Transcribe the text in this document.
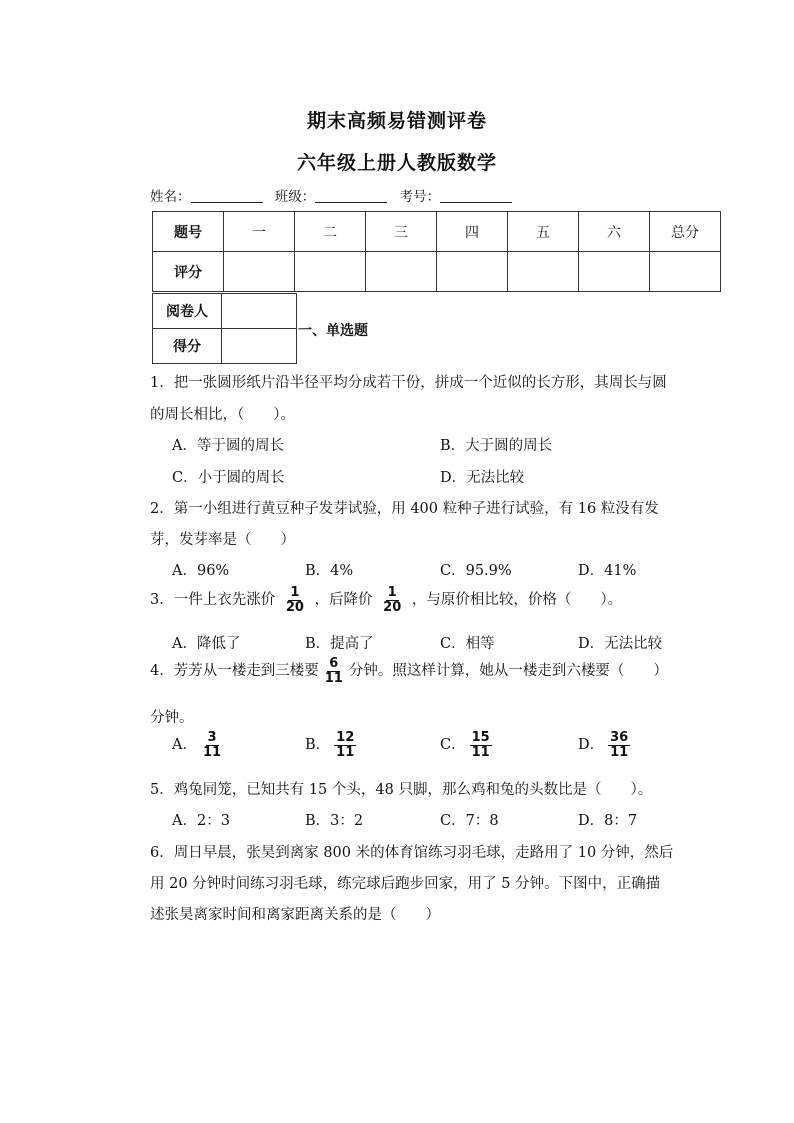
期末高频易错测评卷
六年级上册人教版数学
姓名：	班级：	考号：
题号	一	二	三	四	五	六	总分
评分							
阅卷人	
得分	
一、单选题
1．把一张圆形纸片沿半径平均分成若干份，拼成一个近似的长方形，其周长与圆
的周长相比，（　　）。
A．等于圆的周长	B．大于圆的周长
C．小于圆的周长	D．无法比较
2．第一小组进行黄豆种子发芽试验，用 400 粒种子进行试验，有 16 粒没有发
芽，发芽率是（　　）
A．96%	B．4%	C．95.9%	D．41%
3．一件上衣先涨价 $\frac{1}{20}$ ，后降价 $\frac{1}{20}$ ，与原价相比较，价格（　　）。
A．降低了	B．提高了	C．相等	D．无法比较
4．芳芳从一楼走到三楼要 $\frac{6}{11}$ 分钟。照这样计算，她从一楼走到六楼要（　　）
分钟。
A． $\frac{3}{11}$	B． $\frac{12}{11}$	C． $\frac{15}{11}$	D． $\frac{36}{11}$
5．鸡兔同笼，已知共有 15 个头，48 只脚，那么鸡和兔的头数比是（　　）。
A．2：3	B．3：2	C．7：8	D．8：7
6．周日早晨，张昊到离家 800 米的体育馆练习羽毛球，走路用了 10 分钟，然后
用 20 分钟时间练习羽毛球，练完球后跑步回家，用了 5 分钟。下图中，正确描
述张昊离家时间和离家距离关系的是（　　）
